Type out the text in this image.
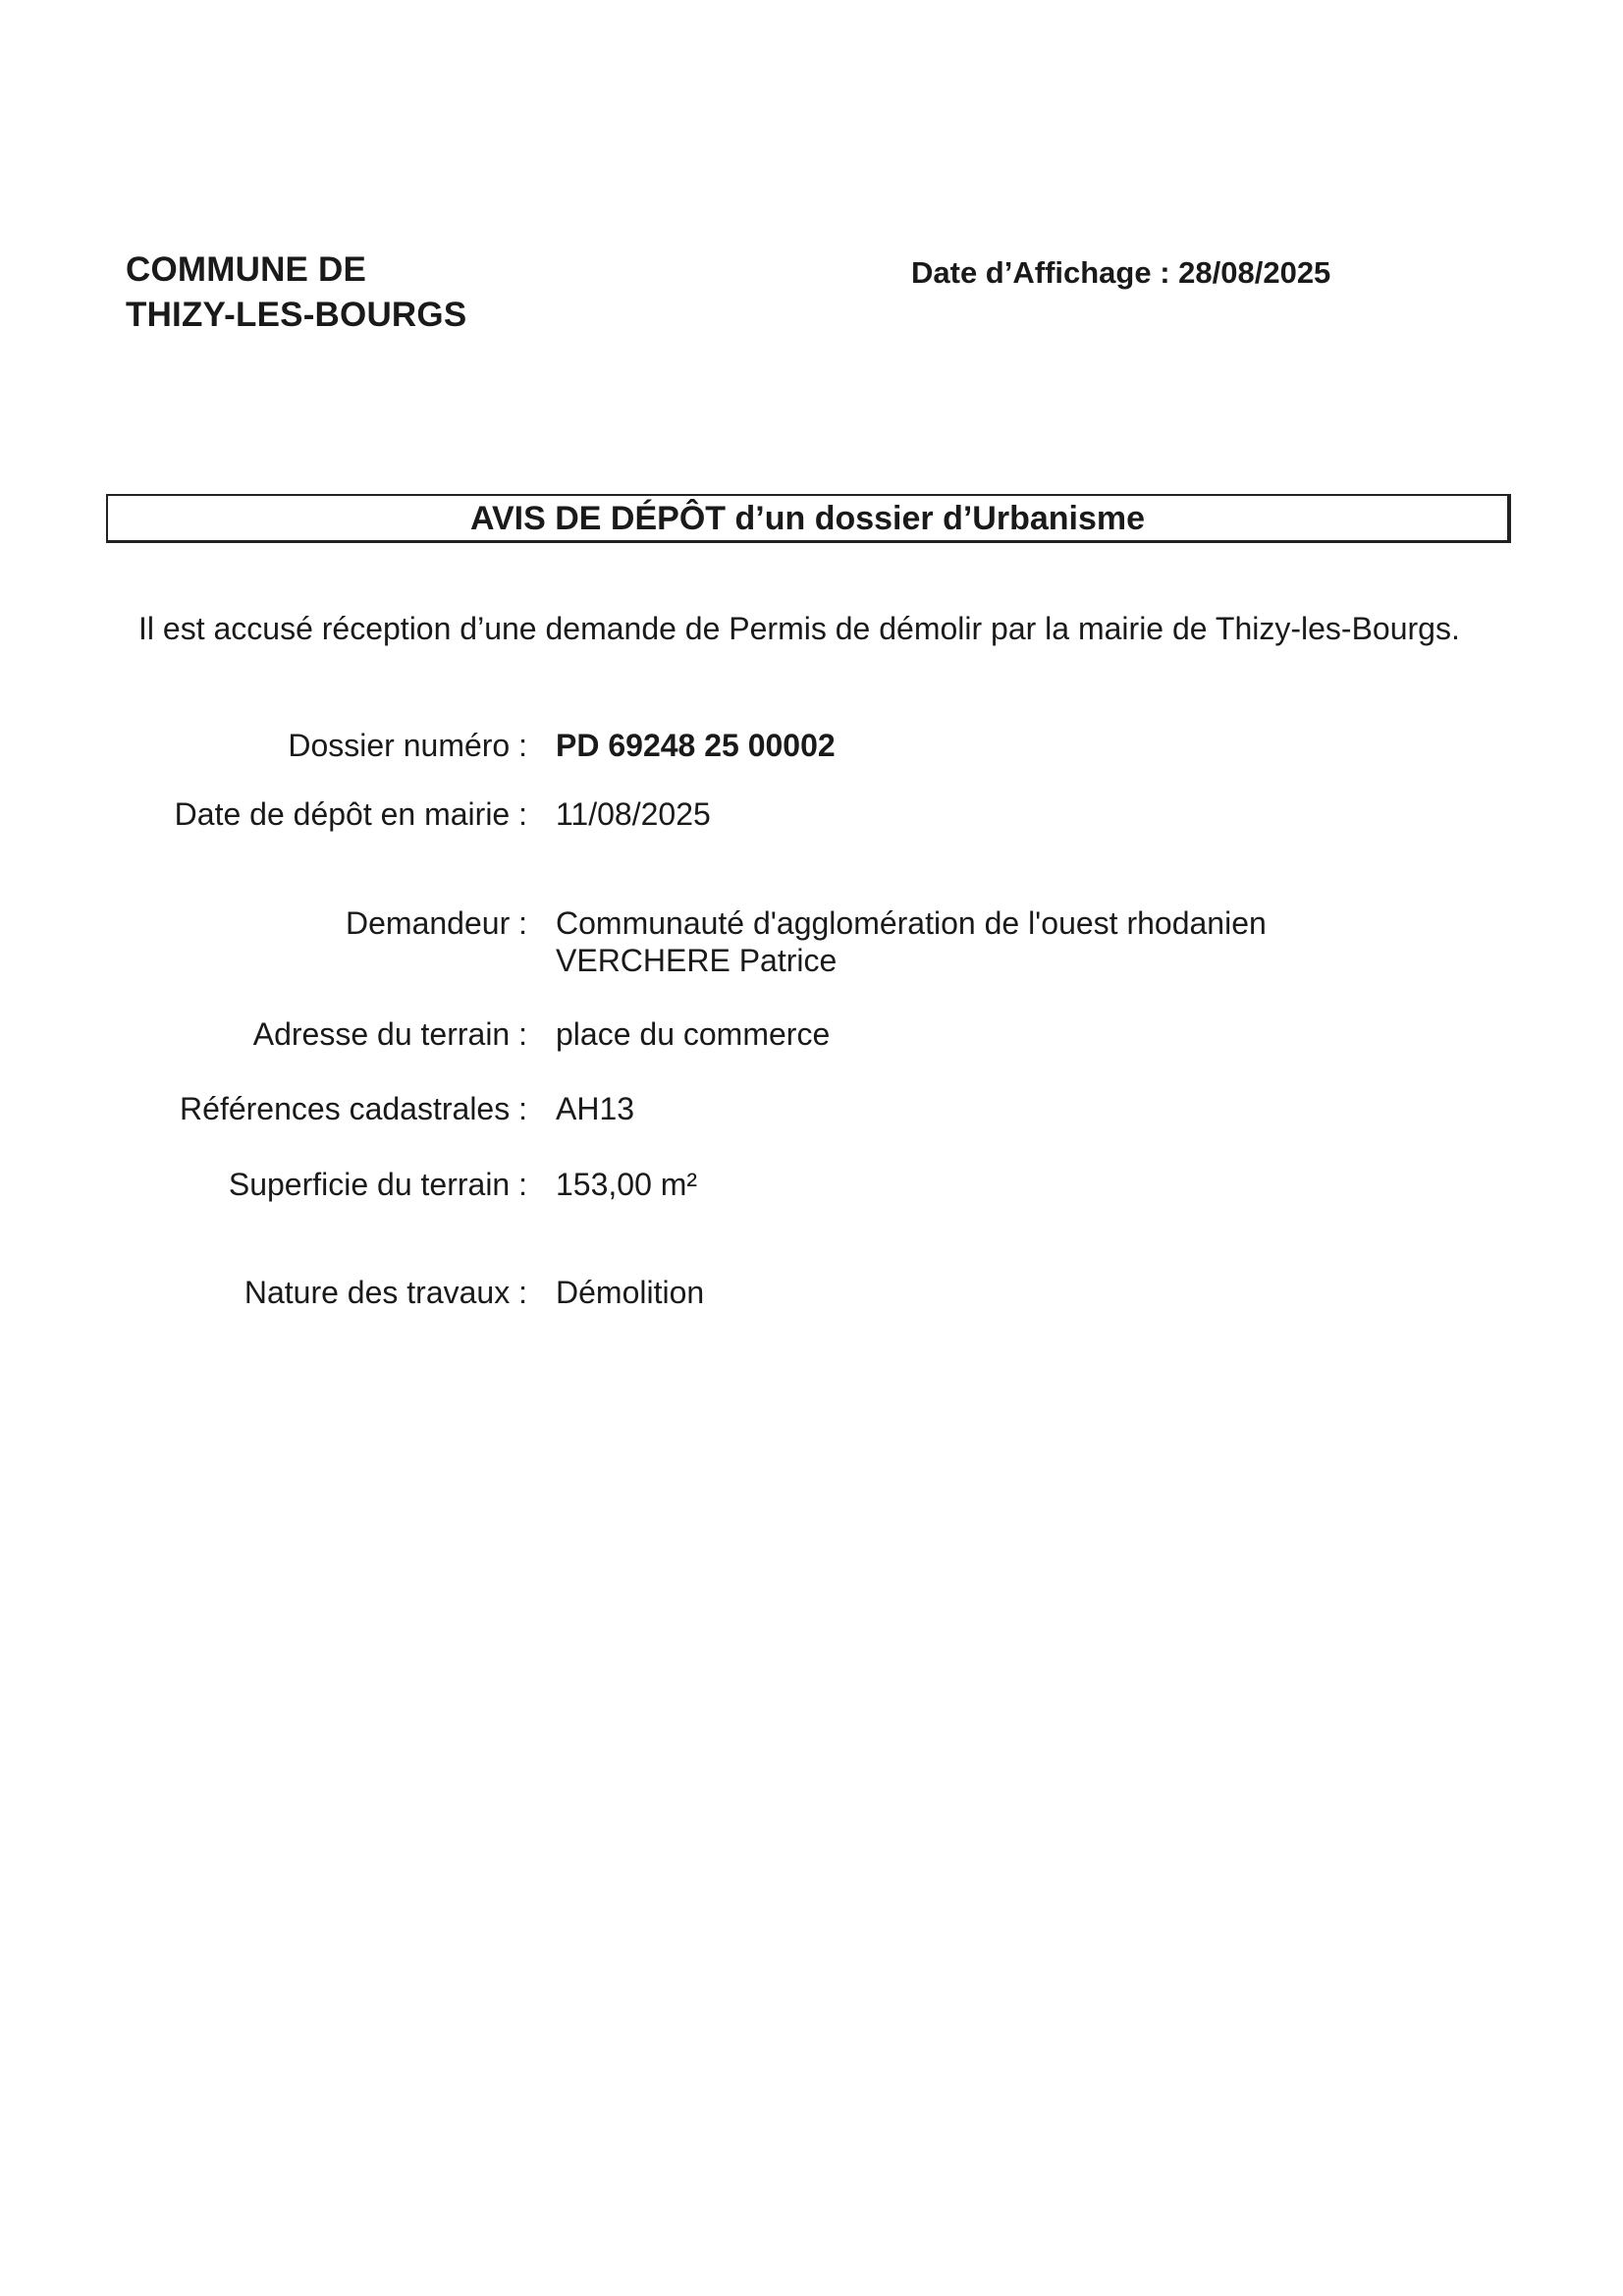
COMMUNE DE
THIZY-LES-BOURGS
Date d’Affichage : 28/08/2025
AVIS DE DÉPÔT d’un dossier d’Urbanisme
Il est accusé réception d’une demande de Permis de démolir par la mairie de Thizy-les-Bourgs.
Dossier numéro : PD 69248 25 00002
Date de dépôt en mairie : 11/08/2025
Demandeur : Communauté d'agglomération de l'ouest rhodanien
VERCHERE Patrice
Adresse du terrain : place du commerce
Références cadastrales : AH13
Superficie du terrain : 153,00 m²
Nature des travaux : Démolition
